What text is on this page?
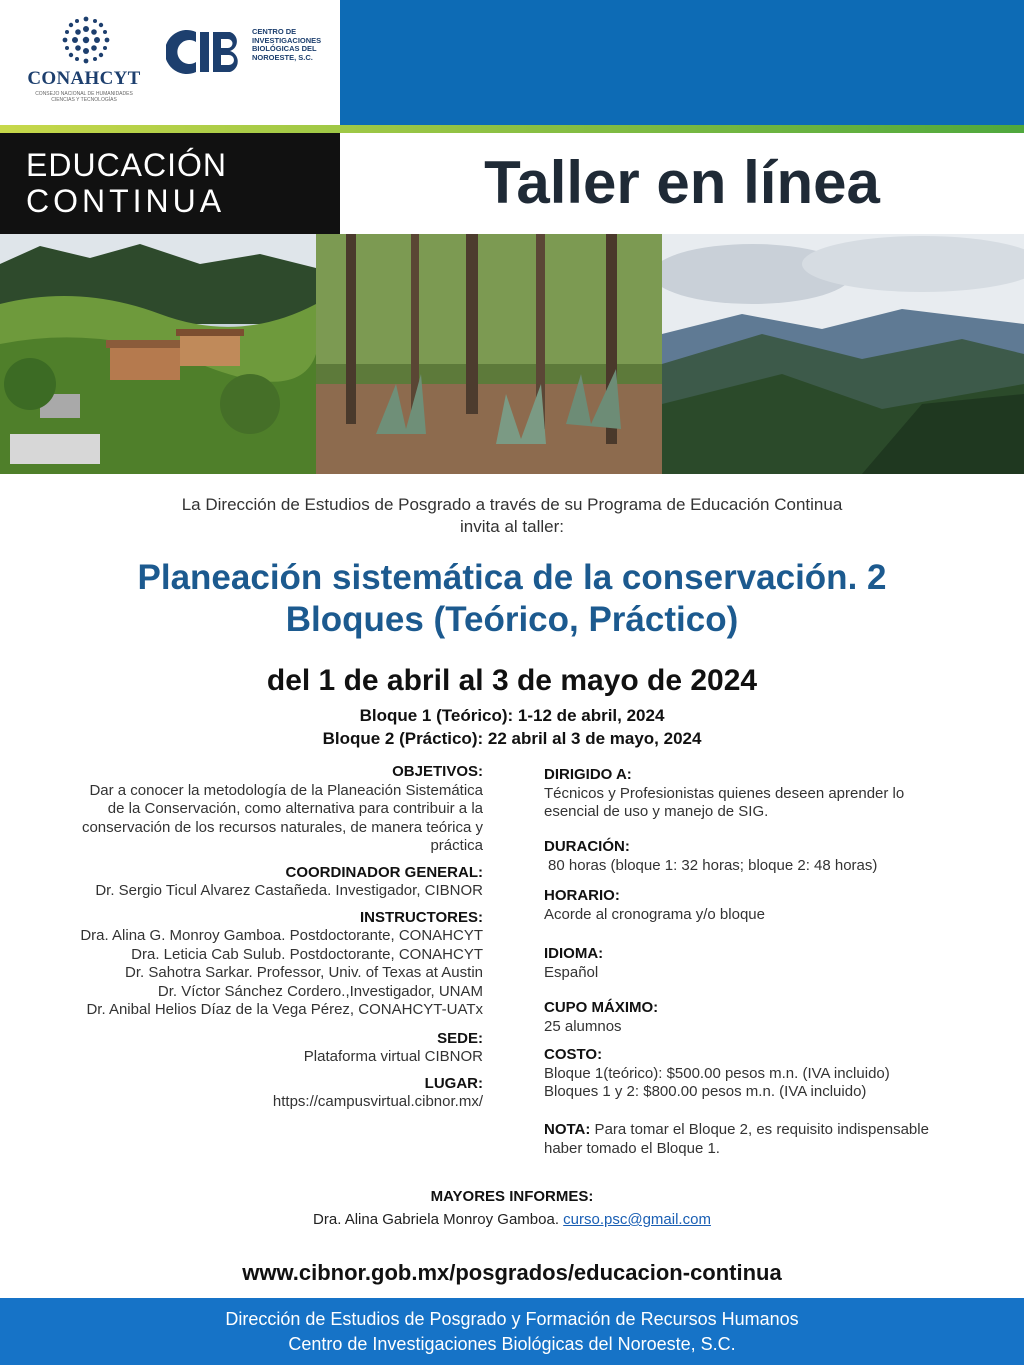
CONAHCYT
CONSEJO NACIONAL DE HUMANIDADES CIENCIAS Y TECNOLOGÍAS
CENTRO DE
INVESTIGACIONES
BIOLÓGICAS DEL
NOROESTE, S.C.
EDUCACIÓN
CONTINUA	Taller en línea
La Dirección de Estudios de Posgrado a través de su Programa de Educación Continua
invita al taller:
Planeación sistemática de la conservación. 2
Bloques (Teórico, Práctico)
del 1 de abril al 3 de mayo de 2024
Bloque 1 (Teórico): 1-12 de abril, 2024
Bloque 2 (Práctico): 22 abril al 3 de mayo, 2024
OBJETIVOS:
Dar a conocer la metodología de la Planeación Sistemática
de la Conservación, como alternativa para contribuir a la
conservación de los recursos naturales, de manera teórica y
práctica
COORDINADOR GENERAL:
Dr. Sergio Ticul Alvarez Castañeda. Investigador, CIBNOR
INSTRUCTORES:
Dra. Alina G. Monroy Gamboa. Postdoctorante, CONAHCYT
Dra. Leticia Cab Sulub. Postdoctorante, CONAHCYT
Dr. Sahotra Sarkar. Professor, Univ. of Texas at Austin
Dr. Víctor Sánchez Cordero.,Investigador, UNAM
Dr. Anibal Helios Díaz de la Vega Pérez, CONAHCYT-UATx
SEDE:
Plataforma virtual CIBNOR
LUGAR:
https://campusvirtual.cibnor.mx/
DIRIGIDO A:
Técnicos y Profesionistas quienes deseen aprender lo
esencial de uso y manejo de SIG.
DURACIÓN:
80 horas (bloque 1: 32 horas; bloque 2: 48 horas)
HORARIO:
Acorde al cronograma y/o bloque
IDIOMA:
Español
CUPO MÁXIMO:
25 alumnos
COSTO:
Bloque 1(teórico): $500.00 pesos m.n. (IVA incluido)
Bloques 1 y 2: $800.00 pesos m.n. (IVA incluido)
NOTA: Para tomar el Bloque 2, es requisito indispensable
haber tomado el Bloque 1.
MAYORES INFORMES:
Dra. Alina Gabriela Monroy Gamboa. curso.psc@gmail.com
www.cibnor.gob.mx/posgrados/educacion-continua
Dirección de Estudios de Posgrado y Formación de Recursos Humanos
Centro de Investigaciones Biológicas del Noroeste, S.C.
